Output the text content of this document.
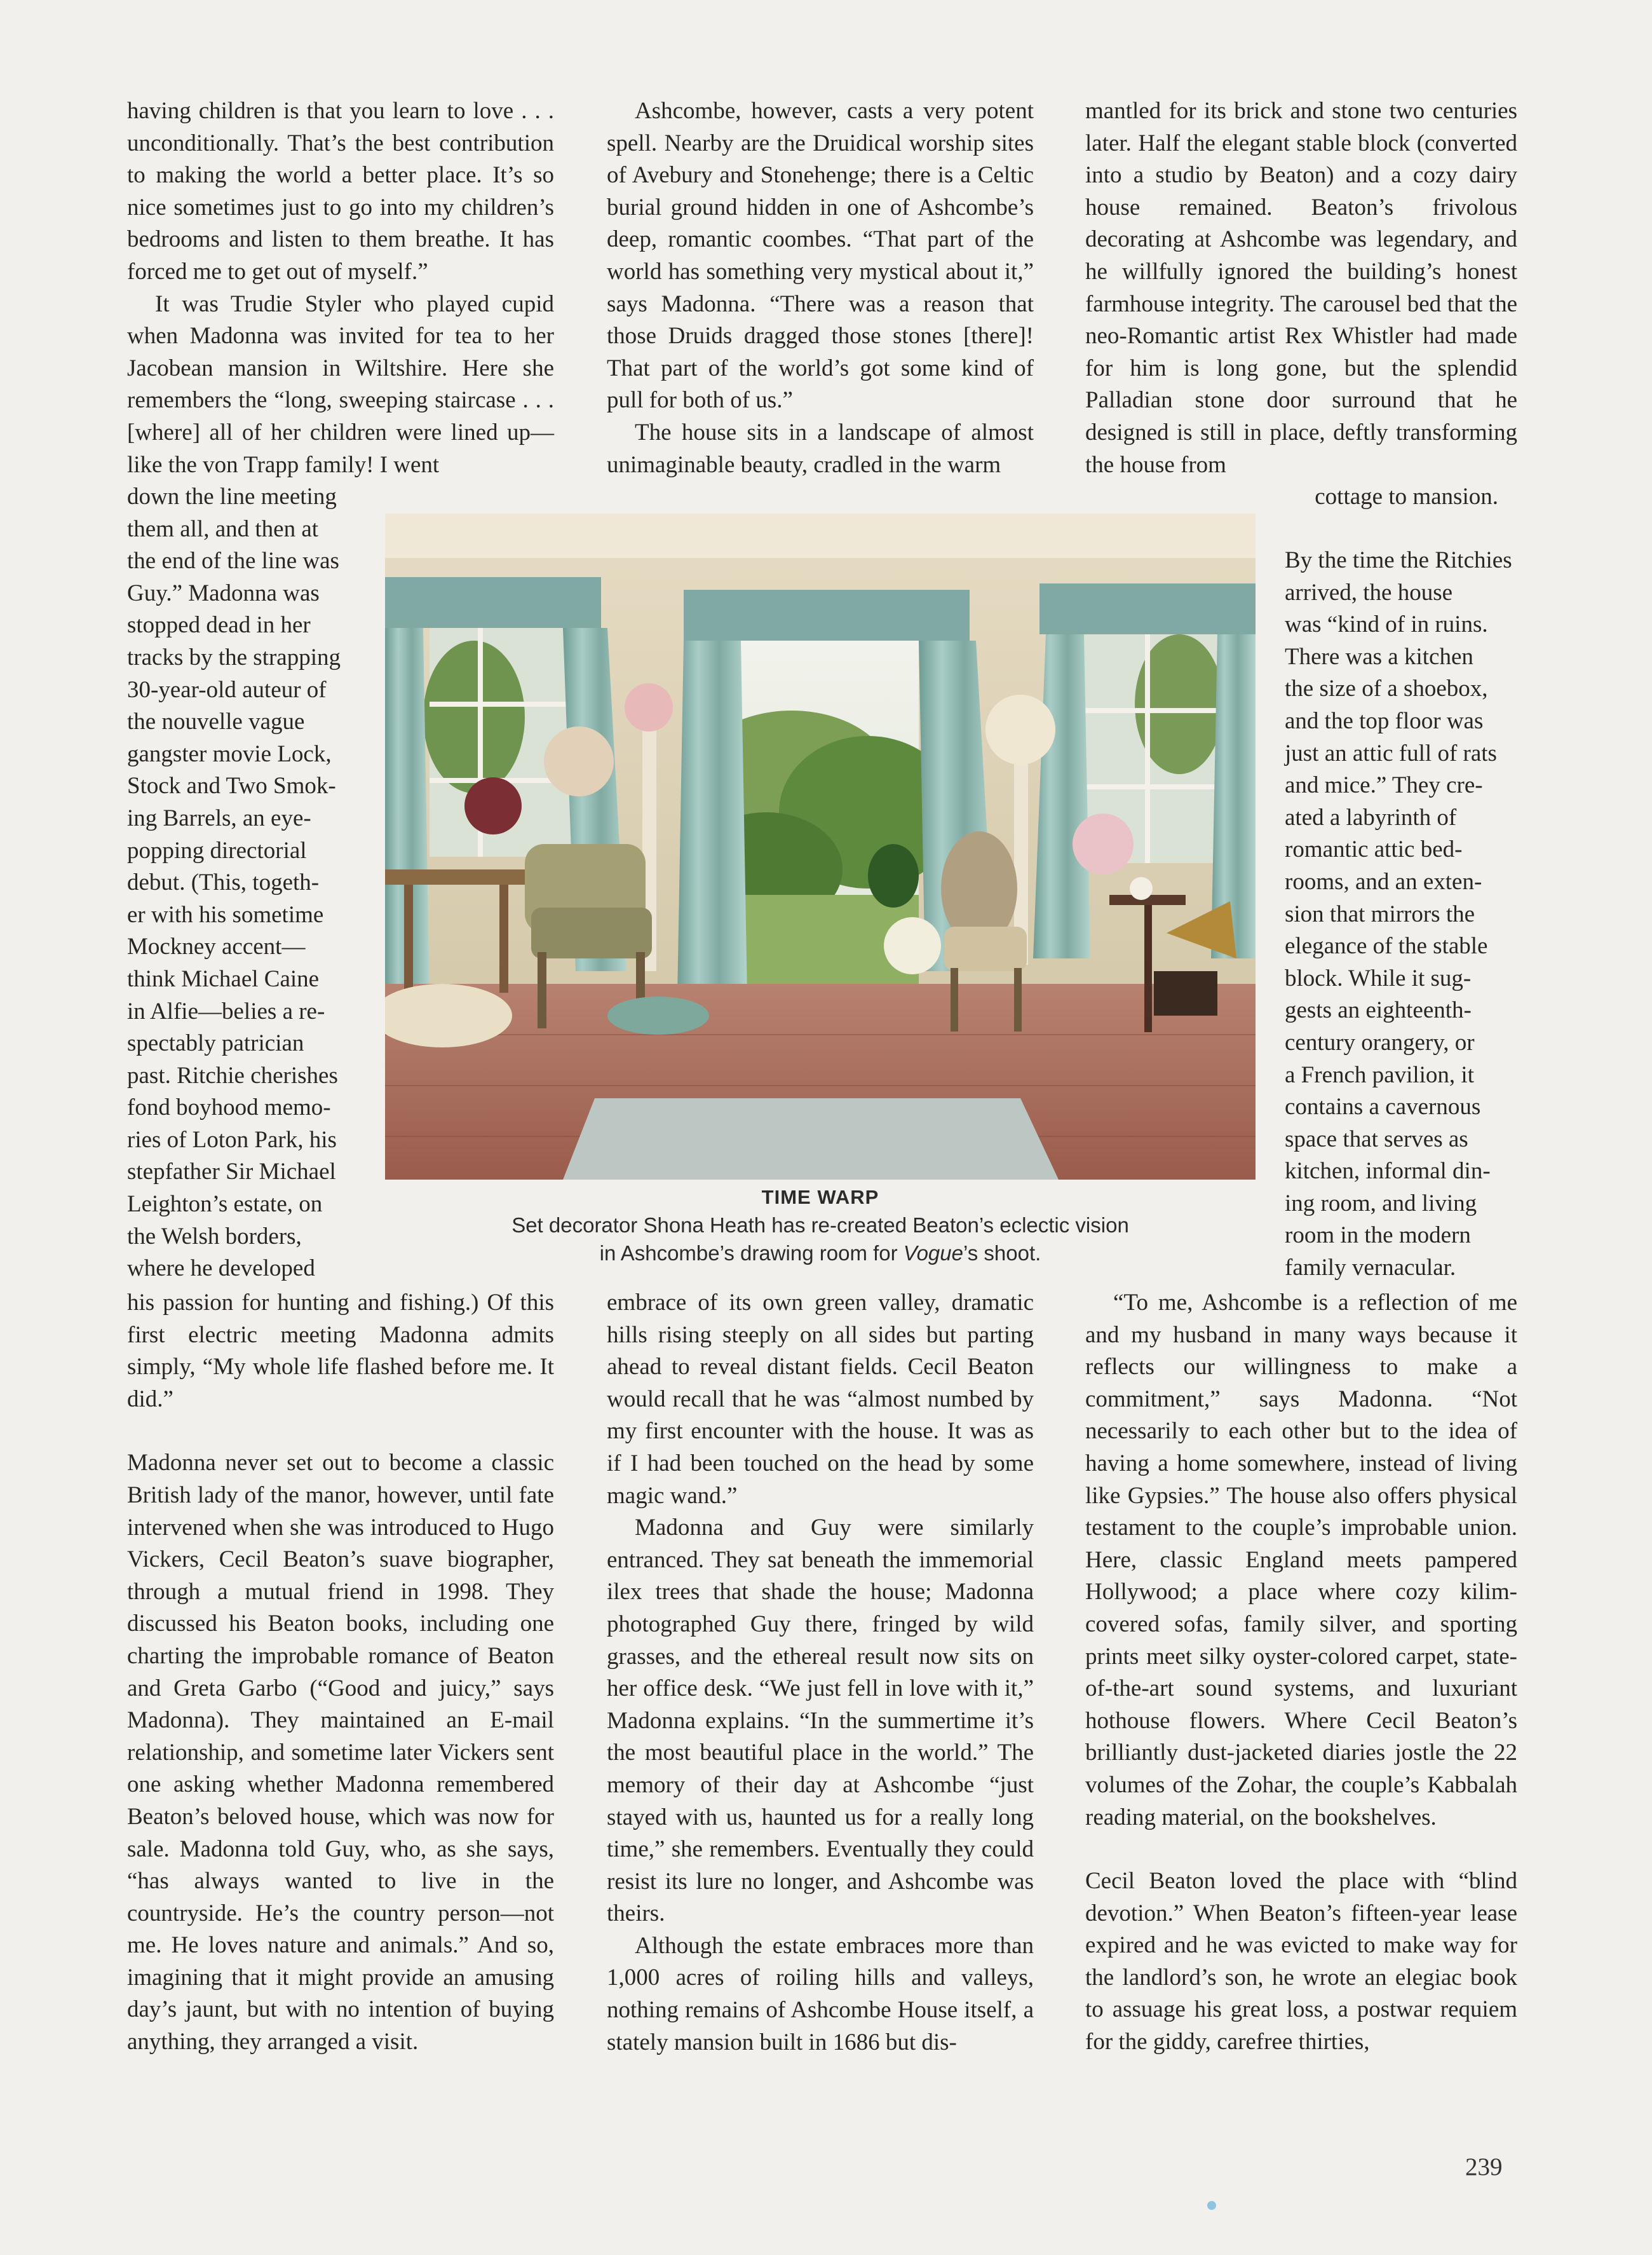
having children is that you learn to love . . . unconditionally. That’s the best contribution to making the world a better place. It’s so nice sometimes just to go into my children’s bedrooms and listen to them breathe. It has forced me to get out of myself.”

It was Trudie Styler who played cupid when Madonna was invited for tea to her Jacobean mansion in Wiltshire. Here she remembers the “long, sweeping staircase . . . [where] all of her children were lined up—like the von Trapp family! I went

down the line meeting
them all, and then at
the end of the line was
Guy.” Madonna was
stopped dead in her
tracks by the strapping
30-year-old auteur of
the nouvelle vague
gangster movie Lock,
Stock and Two Smok-
ing Barrels, an eye-
popping directorial
debut. (This, togeth-
er with his sometime
Mockney accent—
think Michael Caine
in Alfie—belies a re-
spectably patrician
past. Ritchie cherishes
fond boyhood memo-
ries of Loton Park, his
stepfather Sir Michael
Leighton’s estate, on
the Welsh borders,
where he developed

his passion for hunting and fishing.) Of this first electric meeting Madonna admits simply, “My whole life flashed before me. It did.”

Madonna never set out to become a classic British lady of the manor, however, until fate intervened when she was introduced to Hugo Vickers, Cecil Beaton’s suave biographer, through a mutual friend in 1998. They discussed his Beaton books, including one charting the improbable romance of Beaton and Greta Garbo (“Good and juicy,” says Madonna). They maintained an E-mail relationship, and sometime later Vickers sent one asking whether Madonna remembered Beaton’s beloved house, which was now for sale. Madonna told Guy, who, as she says, “has always wanted to live in the countryside. He’s the country person—not me. He loves nature and animals.” And so, imagining that it might provide an amusing day’s jaunt, but with no intention of buying anything, they arranged a visit.

Ashcombe, however, casts a very potent spell. Nearby are the Druidical worship sites of Avebury and Stonehenge; there is a Celtic burial ground hidden in one of Ashcombe’s deep, romantic coombes. “That part of the world has something very mystical about it,” says Madonna. “There was a reason that those Druids dragged those stones [there]! That part of the world’s got some kind of pull for both of us.”

The house sits in a landscape of almost unimaginable beauty, cradled in the warm

embrace of its own green valley, dramatic hills rising steeply on all sides but parting ahead to reveal distant fields. Cecil Beaton would recall that he was “almost numbed by my first encounter with the house. It was as if I had been touched on the head by some magic wand.”

Madonna and Guy were similarly entranced. They sat beneath the immemorial ilex trees that shade the house; Madonna photographed Guy there, fringed by wild grasses, and the ethereal result now sits on her office desk. “We just fell in love with it,” Madonna explains. “In the summertime it’s the most beautiful place in the world.” The memory of their day at Ashcombe “just stayed with us, haunted us for a really long time,” she remembers. Eventually they could resist its lure no longer, and Ashcombe was theirs.

Although the estate embraces more than 1,000 acres of roiling hills and valleys, nothing remains of Ashcombe House itself, a stately mansion built in 1686 but dis-

mantled for its brick and stone two centuries later. Half the elegant stable block (converted into a studio by Beaton) and a cozy dairy house remained. Beaton’s frivolous decorating at Ashcombe was legendary, and he willfully ignored the building’s honest farmhouse integrity. The carousel bed that the neo-Romantic artist Rex Whistler had made for him is long gone, but the splendid Palladian stone door surround that he designed is still in place, deftly transforming the house from

cottage to mansion.
By the time the Ritchies
arrived, the house
was “kind of in ruins.
There was a kitchen
the size of a shoebox,
and the top floor was
just an attic full of rats
and mice.” They cre-
ated a labyrinth of
romantic attic bed-
rooms, and an exten-
sion that mirrors the
elegance of the stable
block. While it sug-
gests an eighteenth-
century orangery, or
a French pavilion, it
contains a cavernous
space that serves as
kitchen, informal din-
ing room, and living
room in the modern
family vernacular.

“To me, Ashcombe is a reflection of me and my husband in many ways because it reflects our willingness to make a commitment,” says Madonna. “Not necessarily to each other but to the idea of having a home somewhere, instead of living like Gypsies.” The house also offers physical testament to the couple’s improbable union. Here, classic England meets pampered Hollywood; a place where cozy kilim-covered sofas, family silver, and sporting prints meet silky oyster-colored carpet, state-of-the-art sound systems, and luxuriant hothouse flowers. Where Cecil Beaton’s brilliantly dust-jacketed diaries jostle the 22 volumes of the Zohar, the couple’s Kabbalah reading material, on the bookshelves.

Cecil Beaton loved the place with “blind devotion.” When Beaton’s fifteen-year lease expired and he was evicted to make way for the landlord’s son, he wrote an elegiac book to assuage his great loss, a postwar requiem for the giddy, carefree thirties,

TIME WARP
Set decorator Shona Heath has re-created Beaton’s eclectic vision
in Ashcombe’s drawing room for Vogue’s shoot.
239
